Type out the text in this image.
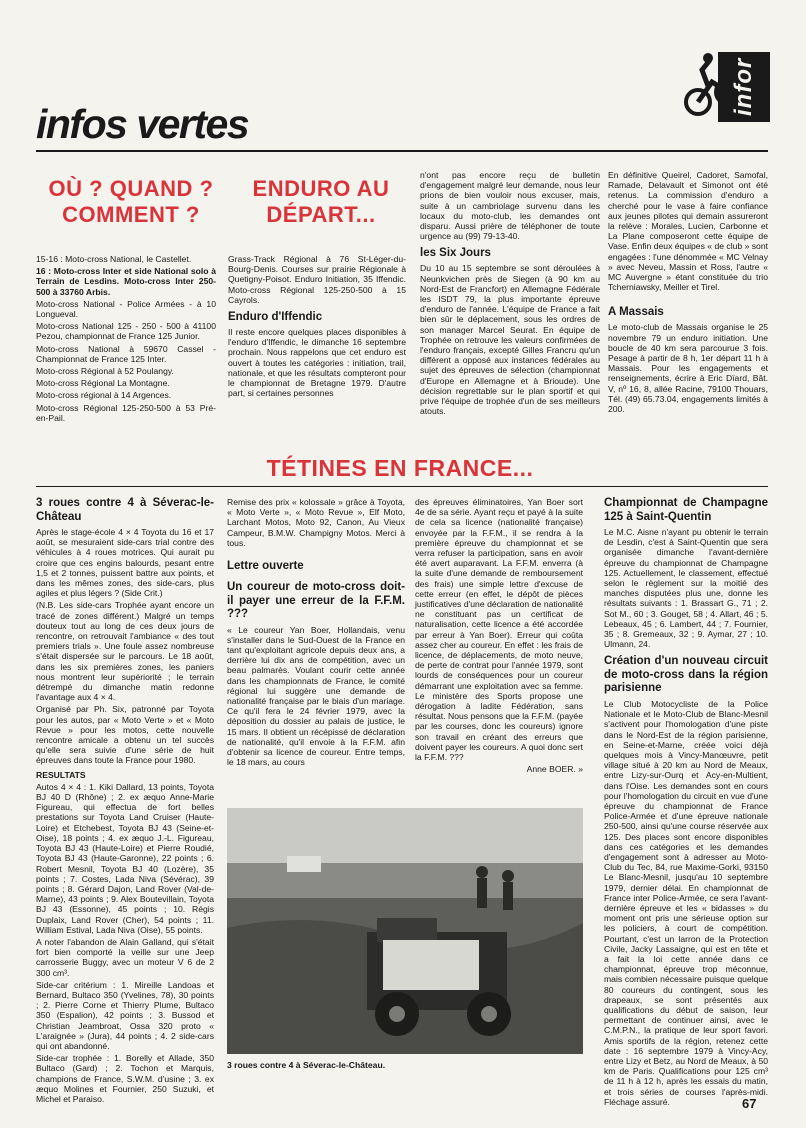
infor
infos vertes
OÙ ? QUAND ? COMMENT ?
ENDURO AU DÉPART...

15-16 : Moto-cross National, le Castellet.

16 : Moto-cross Inter et side National solo à Terrain de Lesdins. Moto-cross Inter 250-500 à 33760 Arbis.

Moto-cross National - Police Armées - à 10 Longueval.

Moto-cross National 125 - 250 - 500 à 41100 Pezou, championnat de France 125 Junior.

Moto-cross National à 59670 Cassel - Championnat de France 125 Inter.

Moto-cross Régional à 52 Poulangy.

Moto-cross Régional La Montagne.

Moto-cross régional à 14 Argences.

Moto-cross Régional 125-250-500 à 53 Pré-en-Pail.

Grass-Track Régional à 76 St-Léger-du-Bourg-Denis. Courses sur prairie Régionale à Quetigny-Poisot. Enduro Initiation, 35 Iffendic. Moto-cross Régional 125-250-500 à 15 Cayrols.

Enduro d'Iffendic

Il reste encore quelques places disponibles à l'enduro d'Iffendic, le dimanche 16 septembre prochain. Nous rappelons que cet enduro est ouvert à toutes les catégories : initiation, trail, nationale, et que les résultats compteront pour le championnat de Bretagne 1979. D'autre part, si certaines personnes

n'ont pas encore reçu de bulletin d'engagement malgré leur demande, nous leur prions de bien vouloir nous excuser, mais, suite à un cambriolage survenu dans les locaux du moto-club, les demandes ont disparu. Aussi prière de téléphoner de toute urgence au (99) 79-13-40.

les Six Jours

Du 10 au 15 septembre se sont déroulées à Neunkvichen près de Siegen (à 90 km au Nord-Est de Francfort) en Allemagne Fédérale les ISDT 79, la plus importante épreuve d'enduro de l'année. L'équipe de France a fait bien sûr le déplacement, sous les ordres de son manager Marcel Seurat. En équipe de Trophée on retrouve les valeurs confirmées de l'enduro français, excepté Gilles Francru qu'un différent a opposé aux instances fédérales au sujet des épreuves de sélection (championnat d'Europe en Allemagne et à Brioude). Une décision regrettable sur le plan sportif et qui prive l'équipe de trophée d'un de ses meilleurs atouts.

En définitive Queirel, Cadoret, Samofal, Ramade, Delavault et Simonot ont été retenus. La commission d'enduro a cherché pour le vase à faire confiance aux jeunes pilotes qui demain assureront la relève : Morales, Lucien, Carbonne et La Plane composeront cette équipe de Vase. Enfin deux équipes « de club » sont engagées : l'une dénommée « MC Velnay » avec Neveu, Massin et Ross, l'autre « MC Auvergne » étant constituée du trio Tcherniawsky, Meiller et Tirel.

A Massais

Le moto-club de Massais organise le 25 novembre 79 un enduro initiation. Une boucle de 40 km sera parcourue 3 fois. Pesage à partir de 8 h, 1er départ 11 h à Massais. Pour les engagements et renseignements, écrire à Eric Dïard, Bât. V, nº 16, 8, allée Racine, 79100 Thouars, Tél. (49) 65.73.04, engagements limités à 200.

TÉTINES EN FRANCE...
3 roues contre 4 à Séverac-le-Château

Après le stage-école 4 × 4 Toyota du 16 et 17 août, se mesuraient side-cars trial contre des véhicules à 4 roues motrices. Qui aurait pu croire que ces engins balourds, pesant entre 1,5 et 2 tonnes, puissent battre aux points, et dans les mêmes zones, des side-cars, plus agiles et plus légers ? (Side Crit.)

(N.B. Les side-cars Trophée ayant encore un tracé de zones différent.) Malgré un temps douteux tout au long de ces deux jours de rencontre, on retrouvait l'ambiance « des tout premiers trials ». Une foule assez nombreuse s'était dispersée sur le parcours. Le 18 août, dans les six premières zones, les paniers nous montrent leur supériorité ; le terrain détrempé du dimanche matin redonne l'avantage aux 4 × 4.

Organisé par Ph. Six, patronné par Toyota pour les autos, par « Moto Verte » et « Moto Revue » pour les motos, cette nouvelle rencontre amicale a obtenu un tel succès qu'elle sera suivie d'une série de huit épreuves dans toute la France pour 1980.

RESULTATS

Autos 4 × 4 : 1. Kiki Dallard, 13 points, Toyota BJ 40 D (Rhône) ; 2. ex æquo Anne-Marie Figureau, qui effectua de fort belles prestations sur Toyota Land Cruiser (Haute-Loire) et Etchebest, Toyota BJ 43 (Seine-et-Oise), 18 points ; 4. ex æquo J.-L. Figureau, Toyota BJ 43 (Haute-Loire) et Pierre Roudié, Toyota BJ 43 (Haute-Garonne), 22 points ; 6. Robert Mesnil, Toyota BJ 40 (Lozère), 35 points ; 7. Costes, Lada Niva (Sévérac), 39 points ; 8. Gérard Dajon, Land Rover (Val-de-Marne), 43 points ; 9. Alex Boutevillain, Toyota BJ 43 (Essonne), 45 points ; 10. Régis Duplaix, Land Rover (Cher), 54 points ; 11. William Estival, Lada Niva (Oise), 55 points.

A noter l'abandon de Alain Galland, qui s'était fort bien comporté la veille sur une Jeep carrosserie Buggy, avec un moteur V 6 de 2 300 cm³.

Side-car critérium : 1. Mireille Landoas et Bernard, Bultaco 350 (Yvelines, 78), 30 points ; 2. Pierre Corne et Thierry Plume, Bultaco 350 (Espalion), 42 points ; 3. Bussod et Christian Jeambroat, Ossa 320 proto « L'araignée » (Jura), 44 points ; 4. 2 side-cars qui ont abandonné.

Side-car trophée : 1. Borelly et Allade, 350 Bultaco (Gard) ; 2. Tochon et Marquis, champions de France, S.W.M. d'usine ; 3. ex æquo Molines et Fournier, 250 Suzuki, et Michel et Paraiso.

Remise des prix « kolossale » grâce à Toyota, « Moto Verte », « Moto Revue », Elf Moto, Larchant Motos, Moto 92, Canon, Au Vieux Campeur, B.M.W. Champigny Motos. Merci à tous.

Lettre ouverte
Un coureur de moto-cross doit-il payer une erreur de la F.F.M. ???

« Le coureur Yan Boer, Hollandais, venu s'installer dans le Sud-Ouest de la France en tant qu'exploitant agricole depuis deux ans, a derrière lui dix ans de compétition, avec un beau palmarès. Voulant courir cette année dans les championnats de France, le comité régional lui suggère une demande de nationalité française par le biais d'un mariage. Ce qu'il fera le 24 février 1979, avec la déposition du dossier au palais de justice, le 15 mars. Il obtient un récépissé de déclaration de nationalité, qu'il envoie à la F.F.M. afin d'obtenir sa licence de coureur. Entre temps, le 18 mars, au cours

des épreuves éliminatoires, Yan Boer sort 4e de sa série. Ayant reçu et payé à la suite de cela sa licence (nationalité française) envoyée par la F.F.M., il se rendra à la première épreuve du championnat et se verra refuser la participation, sans en avoir été avert auparavant. La F.F.M. enverra (à la suite d'une demande de remboursement des frais) une simple lettre d'excuse de cette erreur (en effet, le dépôt de pièces justificatives d'une déclaration de nationalité ne constituant pas un certificat de naturalisation, cette licence a été accordée par erreur à Yan Boer). Erreur qui coûta assez cher au coureur. En effet : les frais de licence, de déplacements, de moto neuve, de perte de contrat pour l'année 1979, sont lourds de conséquences pour un coureur démarrant une exploitation avec sa femme. Le ministère des Sports propose une dérogation à ladite Fédération, sans résultat. Nous pensons que la F.F.M. (payée par les courses, donc les coureurs) ignore son travail en créant des erreurs que doivent payer les coureurs. A quoi donc sert la F.F.M. ???

Anne BOER. »

Championnat de Champagne 125 à Saint-Quentin

Le M.C. Aisne n'ayant pu obtenir le terrain de Lesdin, c'est à Saint-Quentin que sera organisée dimanche l'avant-dernière épreuve du championnat de Champagne 125. Actuellement, le classement, effectué selon le règlement sur la moitié des manches disputées plus une, donne les résultats suivants : 1. Brassart G., 71 ; 2. Sot M., 60 ; 3. Gouget, 58 ; 4. Allart, 46 ; 5. Lebeaux, 45 ; 6. Lambert, 44 ; 7. Fournier, 35 ; 8. Gremeaux, 32 ; 9. Aymar, 27 ; 10. Ulmann, 24.

Création d'un nouveau circuit de moto-cross dans la région parisienne

Le Club Motocycliste de la Police Nationale et le Moto-Club de Blanc-Mesnil s'activent pour l'homologation d'une piste dans le Nord-Est de la région parisienne, en Seine-et-Marne, créée voici déjà quelques mois à Vincy-Manœuvre, petit village situé à 20 km au Nord de Meaux, entre Lizy-sur-Ourq et Acy-en-Multient, dans l'Oise. Les demandes sont en cours pour l'homologation du circuit en vue d'une épreuve du championnat de France Police-Armée et d'une épreuve nationale 250-500, ainsi qu'une course réservée aux 125. Des places sont encore disponibles dans ces catégories et les demandes d'engagement sont à adresser au Moto-Club du Tec, 84, rue Maxime-Gorki, 93150 Le Blanc-Mesnil, jusqu'au 10 septembre 1979, dernier délai. En championnat de France inter Police-Armée, ce sera l'avant-dernière épreuve et les « bidasses » du moment ont pris une sérieuse option sur les policiers, à court de compétition. Pourtant, c'est un larron de la Protection Civile, Jacky Lassaigne, qui est en tête et a fait la loi cette année dans ce championnat, épreuve trop méconnue, mais combien nécessaire puisque quelque 80 coureurs du contingent, sous les drapeaux, se sont présentés aux qualifications du début de saison, leur permettant de continuer ainsi, avec le C.M.P.N., la pratique de leur sport favori. Amis sportifs de la région, retenez cette date : 16 septembre 1979 à Vincy-Acy, entre Lizy et Betz, au Nord de Meaux, à 50 km de Paris. Qualifications pour 125 cm³ de 11 h à 12 h, après les essais du matin, et trois séries de courses l'après-midi. Fléchage assuré.

3 roues contre 4 à Séverac-le-Château.
67
